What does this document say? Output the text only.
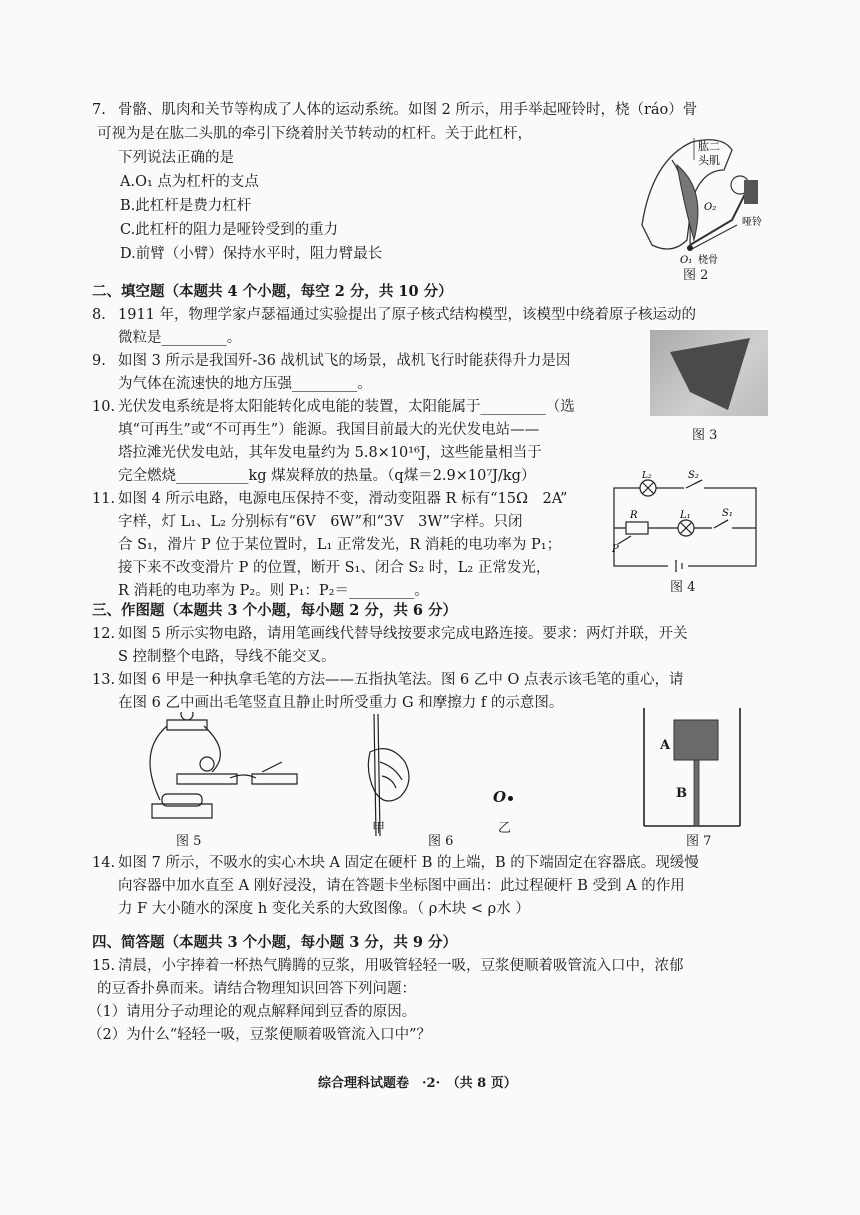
7. 骨骼、肌肉和关节等构成了人体的运动系统。如图 2 所示，用手举起哑铃时，桡（ráo）骨
可视为是在肱二头肌的牵引下绕着肘关节转动的杠杆。关于此杠杆，
下列说法正确的是
A.O₁ 点为杠杆的支点
B.此杠杆是费力杠杆
C.此杠杆的阻力是哑铃受到的重力
D.前臂（小臂）保持水平时，阻力臂最长
肱二
头肌
O₂
哑铃
O₁ 桡骨
图 2
二、填空题（本题共 4 个小题，每空 2 分，共 10 分）
8. 1911 年，物理学家卢瑟福通过实验提出了原子核式结构模型，该模型中绕着原子核运动的
微粒是_________。
9. 如图 3 所示是我国歼-36 战机试飞的场景，战机飞行时能获得升力是因
为气体在流速快的地方压强_________。
图 3
10. 光伏发电系统是将太阳能转化成电能的装置，太阳能属于_________（选
填“可再生”或“不可再生”）能源。我国目前最大的光伏发电站——
塔拉滩光伏发电站，其年发电量约为 5.8×10¹⁶J，这些能量相当于
完全燃烧__________kg 煤炭释放的热量。（q煤＝2.9×10⁷J/kg）
11. 如图 4 所示电路，电源电压保持不变，滑动变阻器 R 标有“15Ω　2A”
字样，灯 L₁、L₂ 分别标有“6V　6W”和“3V　3W”字样。只闭
合 S₁，滑片 P 位于某位置时，L₁ 正常发光，R 消耗的电功率为 P₁；
接下来不改变滑片 P 的位置，断开 S₁、闭合 S₂ 时，L₂ 正常发光，
R 消耗的电功率为 P₂。则 P₁：P₂＝_________。
L₂	S₂
L₁	S₁
R
P
图 4
三、作图题（本题共 3 个小题，每小题 2 分，共 6 分）
12. 如图 5 所示实物电路，请用笔画线代替导线按要求完成电路连接。要求：两灯并联，开关
S 控制整个电路，导线不能交叉。
13. 如图 6 甲是一种执拿毛笔的方法——五指执笔法。图 6 乙中 O 点表示该毛笔的重心，请
在图 6 乙中画出毛笔竖直且静止时所受重力 G 和摩擦力 f 的示意图。
图 5
甲
图 6
O
乙
A
B
图 7
14. 如图 7 所示，不吸水的实心木块 A 固定在硬杆 B 的上端，B 的下端固定在容器底。现缓慢
向容器中加水直至 A 刚好浸没，请在答题卡坐标图中画出：此过程硬杆 B 受到 A 的作用
力 F 大小随水的深度 h 变化关系的大致图像。（ ρ木块 < ρ水 ）
四、简答题（本题共 3 个小题，每小题 3 分，共 9 分）
15. 清晨，小宇捧着一杯热气腾腾的豆浆，用吸管轻轻一吸，豆浆便顺着吸管流入口中，浓郁
的豆香扑鼻而来。请结合物理知识回答下列问题：
（1）请用分子动理论的观点解释闻到豆香的原因。
（2）为什么“轻轻一吸，豆浆便顺着吸管流入口中”？
综合理科试题卷　·2·　（共 8 页）
